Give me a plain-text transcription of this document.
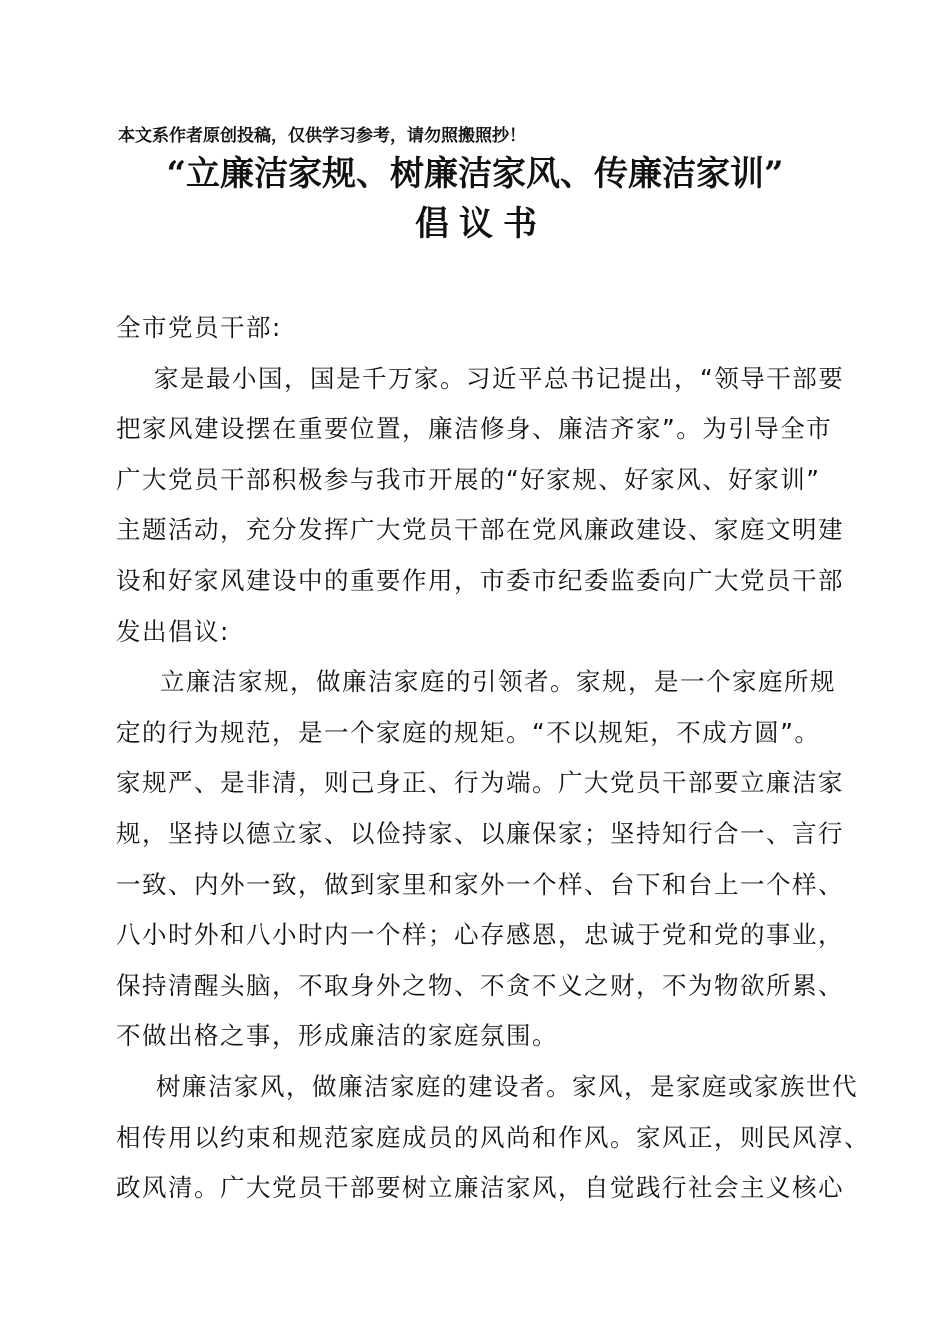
本文系作者原创投稿，仅供学习参考，请勿照搬照抄！
“立廉洁家规、树廉洁家风、传廉洁家训”
倡议书
全市党员干部:
家是最小国，国是千万家。习近平总书记提出，“领导干部要
把家风建设摆在重要位置，廉洁修身、廉洁齐家”。为引导全市
广大党员干部积极参与我市开展的“好家规、好家风、好家训”
主题活动，充分发挥广大党员干部在党风廉政建设、家庭文明建
设和好家风建设中的重要作用，市委市纪委监委向广大党员干部
发出倡议:
立廉洁家规，做廉洁家庭的引领者。家规，是一个家庭所规
定的行为规范，是一个家庭的规矩。“不以规矩，不成方圆”。
家规严、是非清，则己身正、行为端。广大党员干部要立廉洁家
规，坚持以德立家、以俭持家、以廉保家；坚持知行合一、言行
一致、内外一致，做到家里和家外一个样、台下和台上一个样、
八小时外和八小时内一个样；心存感恩，忠诚于党和党的事业，
保持清醒头脑，不取身外之物、不贪不义之财，不为物欲所累、
不做出格之事，形成廉洁的家庭氛围。
树廉洁家风，做廉洁家庭的建设者。家风，是家庭或家族世代
相传用以约束和规范家庭成员的风尚和作风。家风正，则民风淳、
政风清。广大党员干部要树立廉洁家风，自觉践行社会主义核心
